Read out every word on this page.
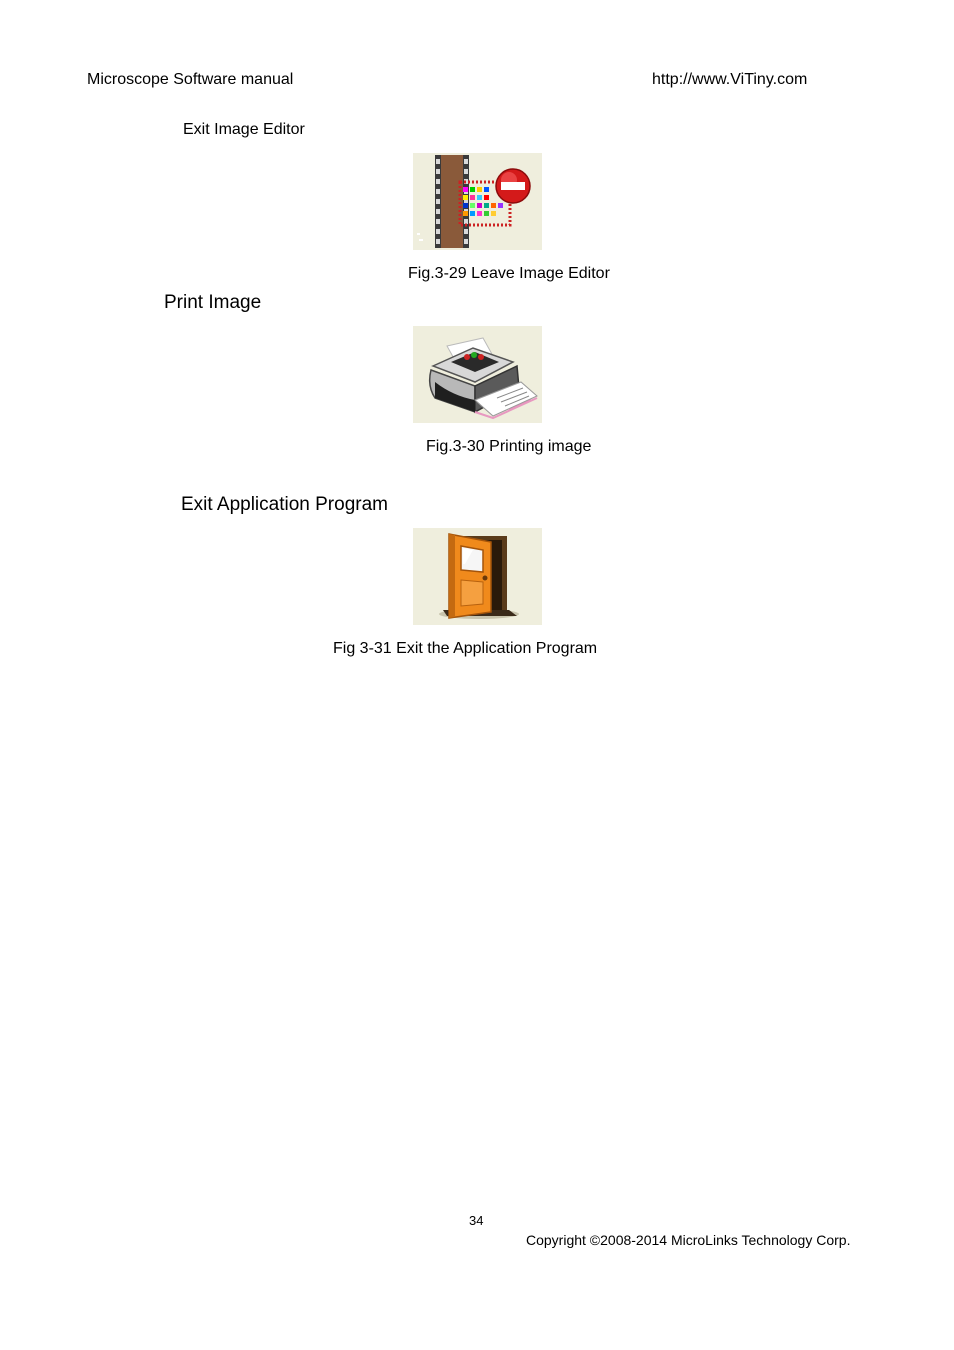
Microscope Software manual	http://www.ViTiny.com
Exit Image Editor
Fig.3-29 Leave Image Editor
Print Image
Fig.3-30 Printing image
Exit Application Program
Fig 3-31 Exit the Application Program
34
Copyright ©2008-2014 MicroLinks Technology Corp.
